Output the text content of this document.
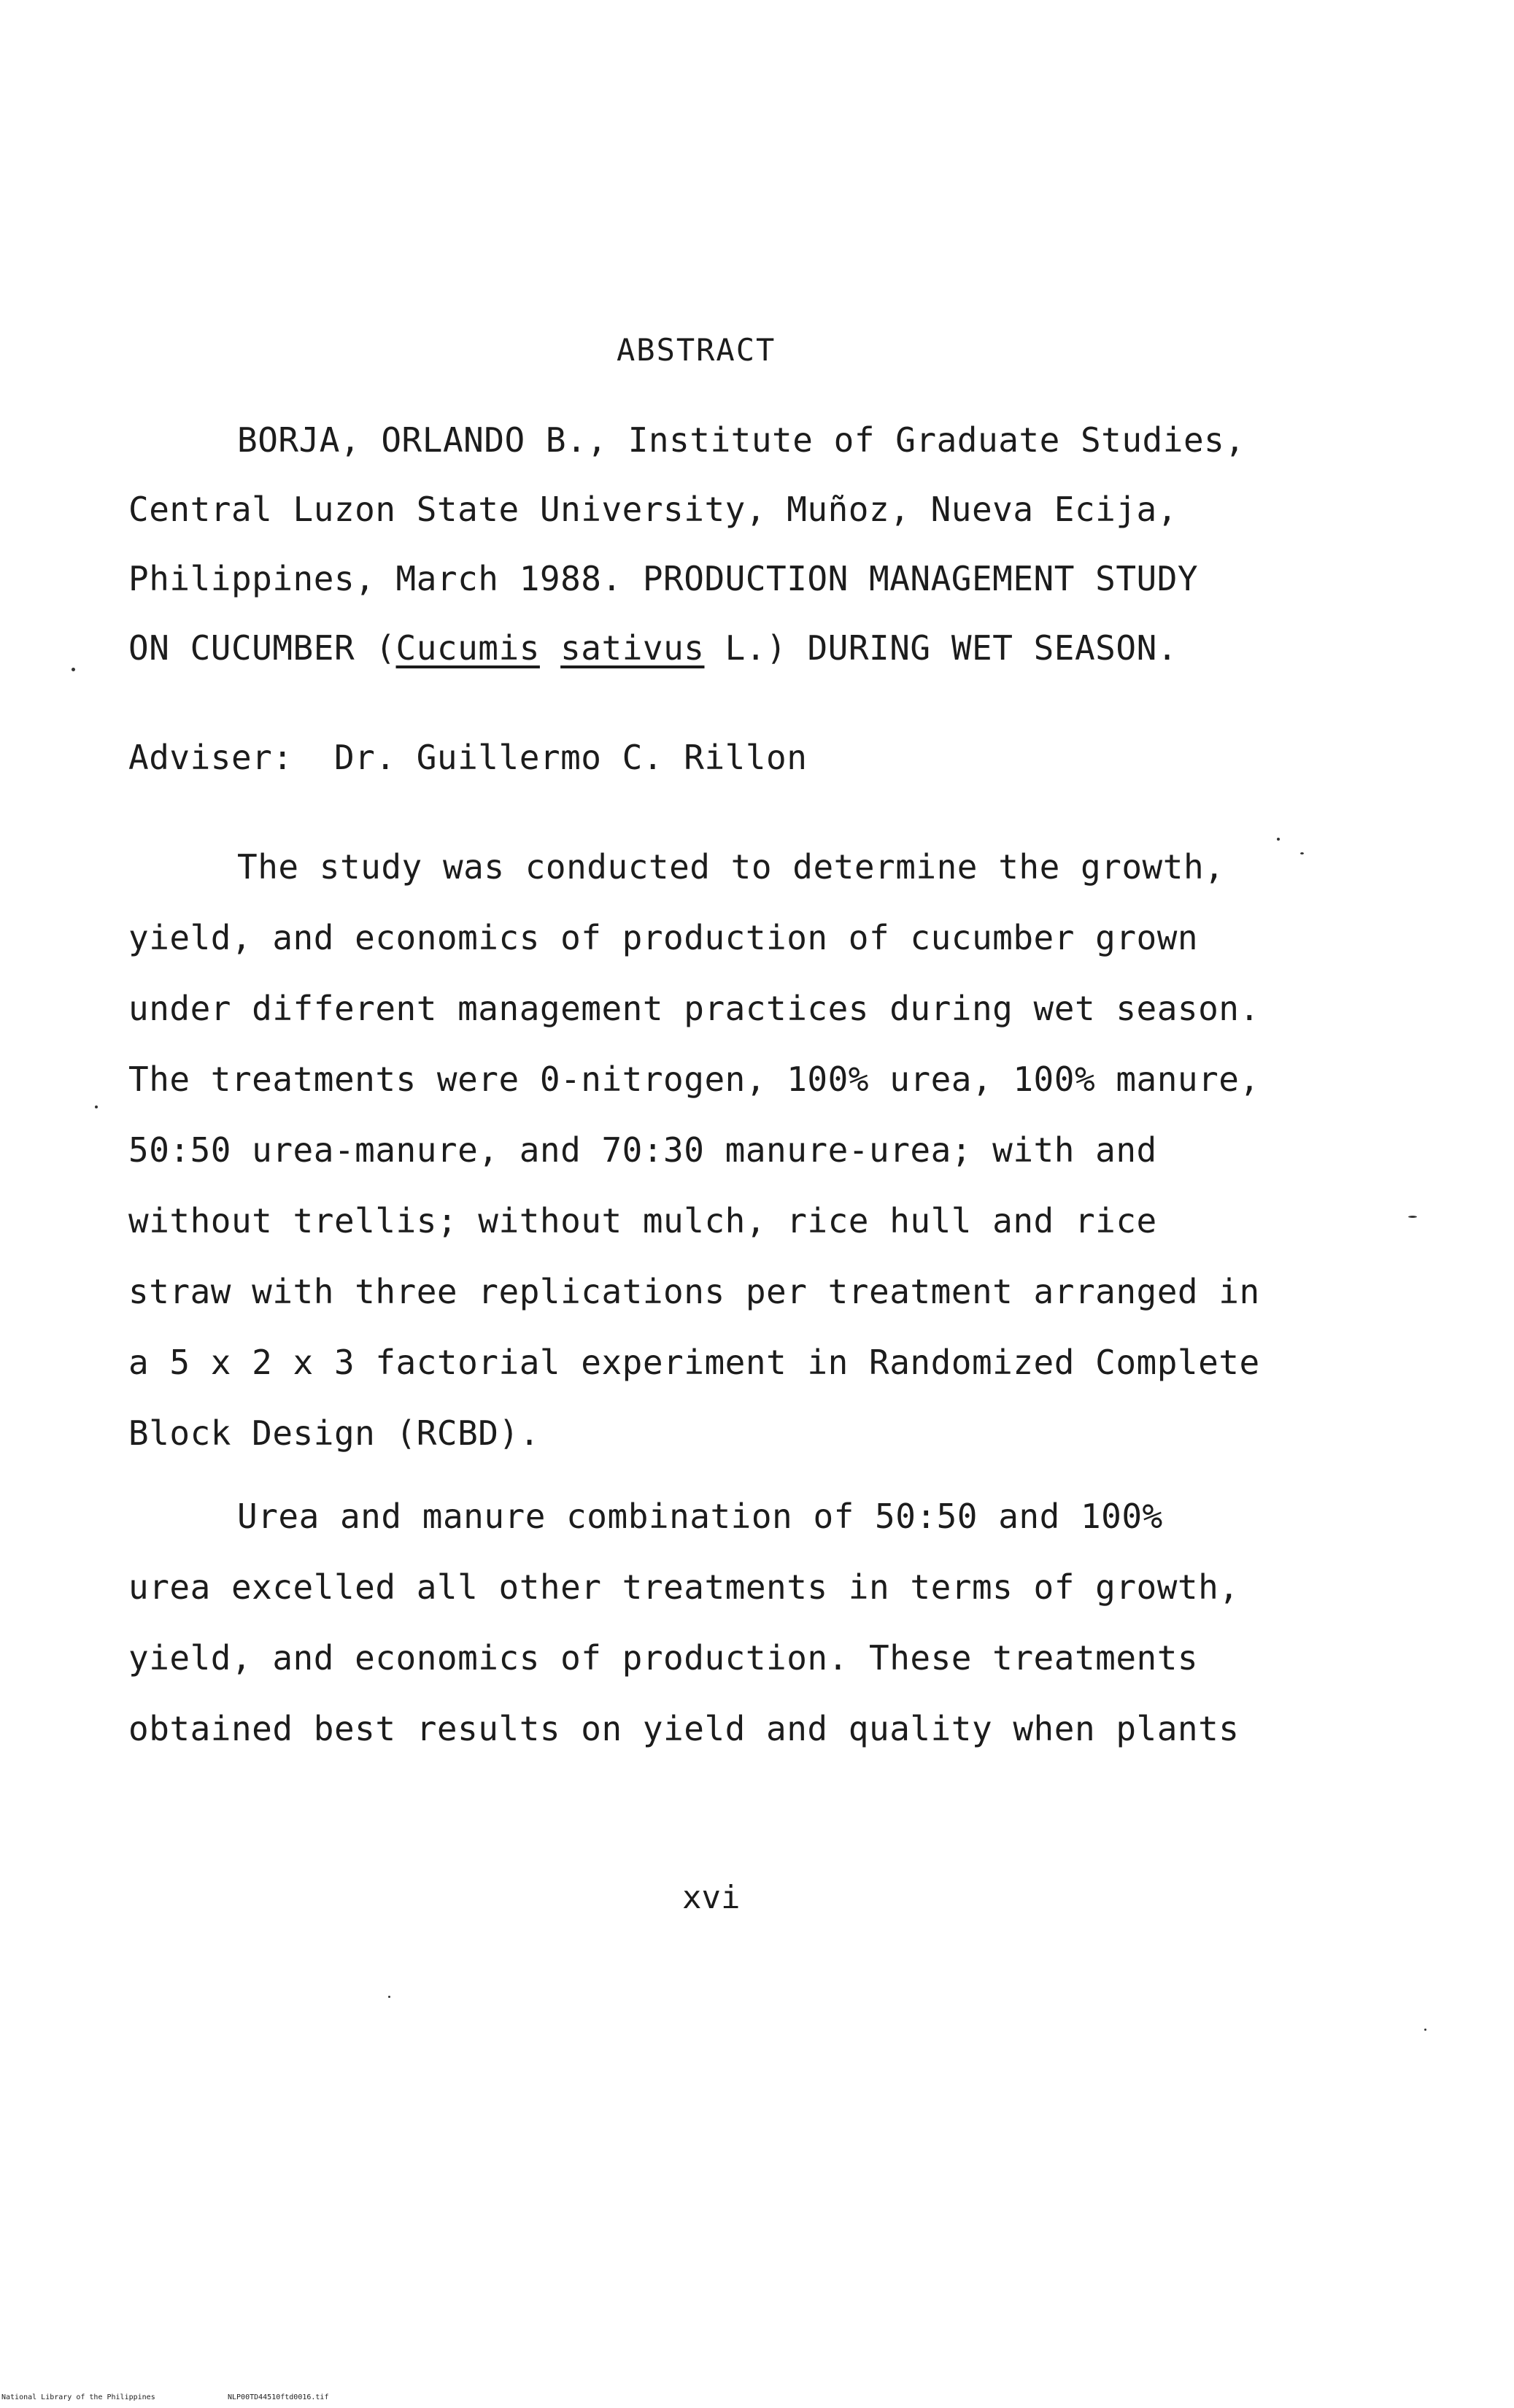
ABSTRACT
BORJA, ORLANDO B., Institute of Graduate Studies,
Central Luzon State University, Muñoz, Nueva Ecija,
Philippines, March 1988. PRODUCTION MANAGEMENT STUDY
ON CUCUMBER (Cucumis sativus L.) DURING WET SEASON.
Adviser:  Dr. Guillermo C. Rillon
The study was conducted to determine the growth,
yield, and economics of production of cucumber grown
under different management practices during wet season.
The treatments were 0-nitrogen, 100% urea, 100% manure,
50:50 urea-manure, and 70:30 manure-urea; with and
without trellis; without mulch, rice hull and rice
straw with three replications per treatment arranged in
a 5 x 2 x 3 factorial experiment in Randomized Complete
Block Design (RCBD).
Urea and manure combination of 50:50 and 100%
urea excelled all other treatments in terms of growth,
yield, and economics of production. These treatments
obtained best results on yield and quality when plants
xvi
National Library of the Philippines	NLP00TD44510ftd0016.tif
